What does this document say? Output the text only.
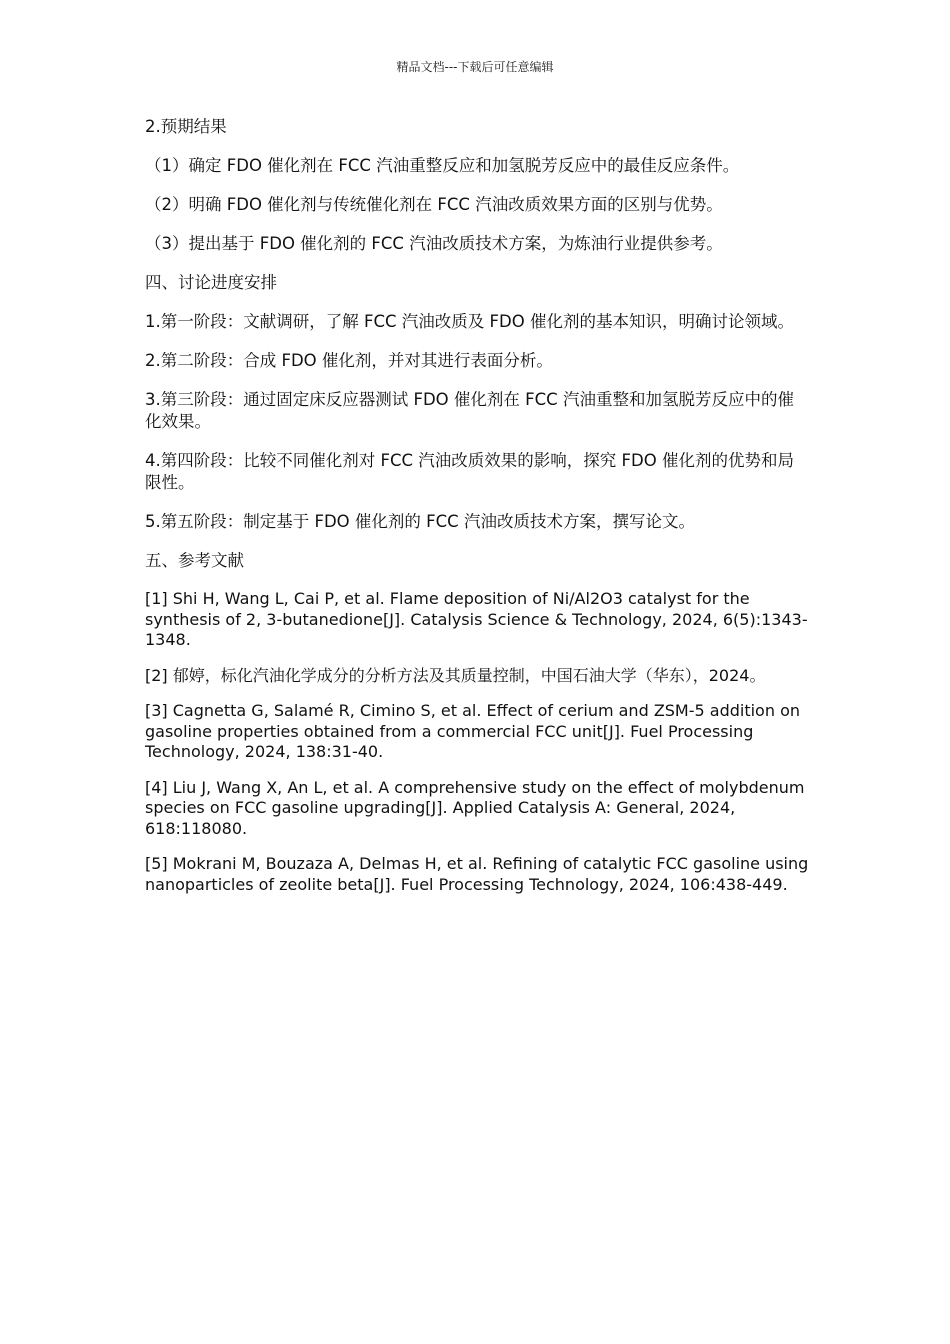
精品文档---下载后可任意编辑
2.预期结果
（1）确定 FDO 催化剂在 FCC 汽油重整反应和加氢脱芳反应中的最佳反应条件。
（2）明确 FDO 催化剂与传统催化剂在 FCC 汽油改质效果方面的区别与优势。
（3）提出基于 FDO 催化剂的 FCC 汽油改质技术方案，为炼油行业提供参考。
四、讨论进度安排
1.第一阶段：文献调研，了解 FCC 汽油改质及 FDO 催化剂的基本知识，明确讨论领域。
2.第二阶段：合成 FDO 催化剂，并对其进行表面分析。
3.第三阶段：通过固定床反应器测试 FDO 催化剂在 FCC 汽油重整和加氢脱芳反应中的催化效果。
4.第四阶段：比较不同催化剂对 FCC 汽油改质效果的影响，探究 FDO 催化剂的优势和局限性。
5.第五阶段：制定基于 FDO 催化剂的 FCC 汽油改质技术方案，撰写论文。
五、参考文献
[1] Shi H, Wang L, Cai P, et al. Flame deposition of Ni/Al2O3 catalyst for the synthesis of 2, 3-butanedione[J]. Catalysis Science & Technology, 2024, 6(5):1343-1348.
[2] 郁婷，标化汽油化学成分的分析方法及其质量控制，中国石油大学（华东），2024。
[3] Cagnetta G, Salamé R, Cimino S, et al. Effect of cerium and ZSM-5 addition on gasoline properties obtained from a commercial FCC unit[J]. Fuel Processing Technology, 2024, 138:31-40.
[4] Liu J, Wang X, An L, et al. A comprehensive study on the effect of molybdenum species on FCC gasoline upgrading[J]. Applied Catalysis A: General, 2024, 618:118080.
[5] Mokrani M, Bouzaza A, Delmas H, et al. Refining of catalytic FCC gasoline using nanoparticles of zeolite beta[J]. Fuel Processing Technology, 2024, 106:438-449.
